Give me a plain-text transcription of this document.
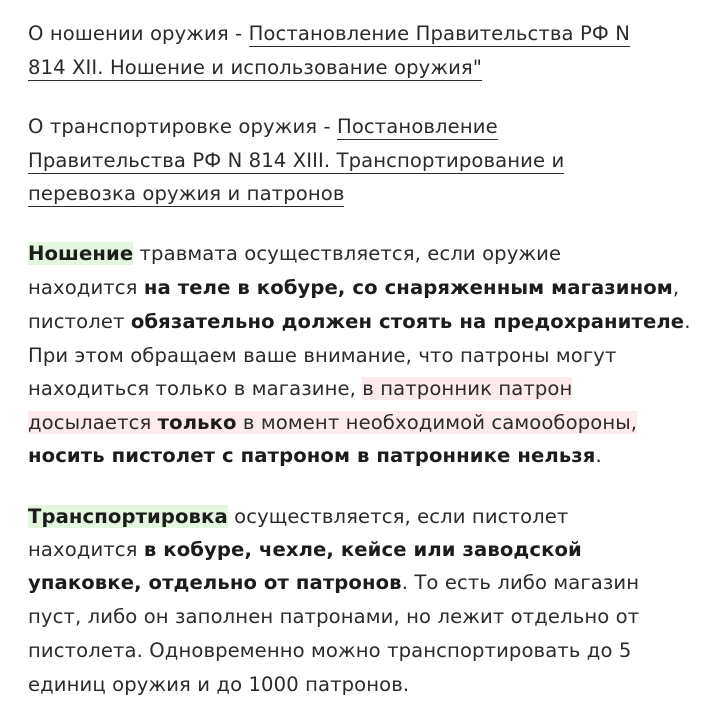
О ношении оружия - Постановление Правительства РФ N
814 XII. Ношение и использование оружия"
О транспортировке оружия - Постановление
Правительства РФ N 814 XIII. Транспортирование и
перевозка оружия и патронов
Ношение травмата осуществляется, если оружие
находится на теле в кобуре, со снаряженным магазином,
пистолет обязательно должен стоять на предохранителе.
При этом обращаем ваше внимание, что патроны могут
находиться только в магазине, в патронник патрон
досылается только в момент необходимой самообороны,
носить пистолет с патроном в патроннике нельзя.
Транспортировка осуществляется, если пистолет
находится в кобуре, чехле, кейсе или заводской
упаковке, отдельно от патронов. То есть либо магазин
пуст, либо он заполнен патронами, но лежит отдельно от
пистолета. Одновременно можно транспортировать до 5
единиц оружия и до 1000 патронов.
